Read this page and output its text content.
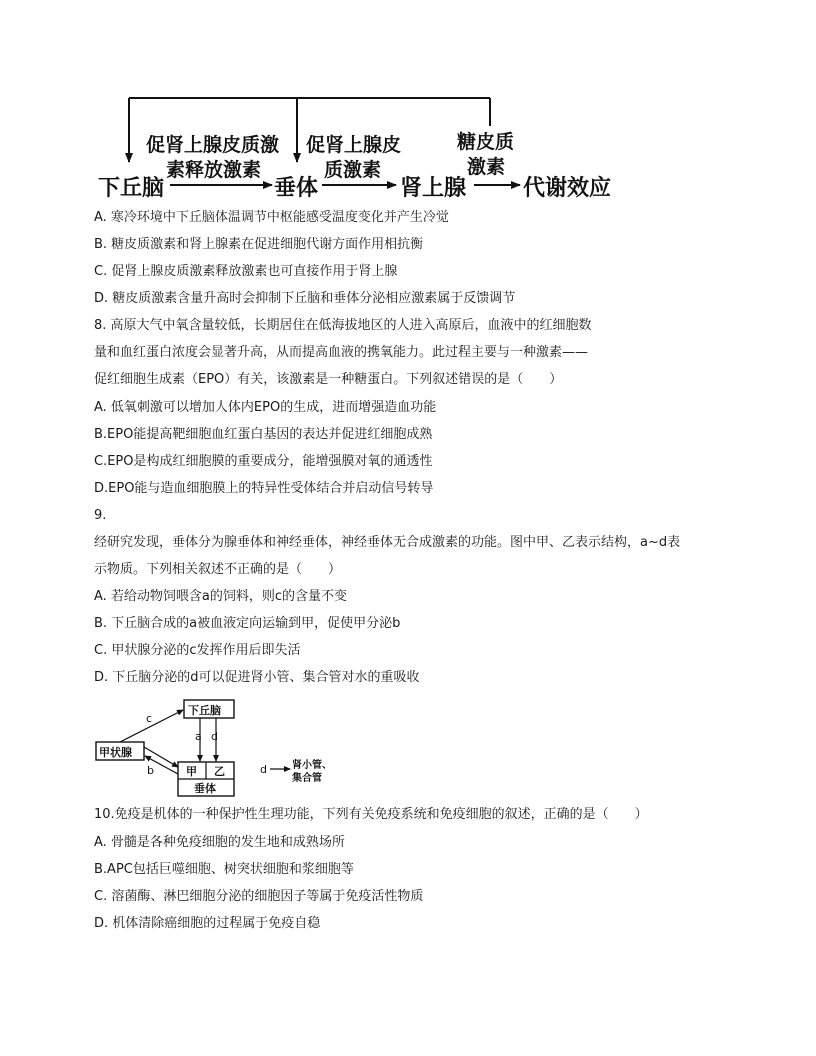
下丘脑	垂体	肾上腺	代谢效应
促肾上腺皮质激
素释放激素
促肾上腺皮
质激素
糖皮质
激素
A. 寒冷环境中下丘脑体温调节中枢能感受温度变化并产生冷觉
B. 糖皮质激素和肾上腺素在促进细胞代谢方面作用相抗衡
C. 促肾上腺皮质激素释放激素也可直接作用于肾上腺
D. 糖皮质激素含量升高时会抑制下丘脑和垂体分泌相应激素属于反馈调节
8. 高原大气中氧含量较低，长期居住在低海拔地区的人进入高原后，血液中的红细胞数
量和血红蛋白浓度会显著升高，从而提高血液的携氧能力。此过程主要与一种激素——
促红细胞生成素（EPO）有关，该激素是一种糖蛋白。下列叙述错误的是（　　）
A. 低氧刺激可以增加人体内EPO的生成，进而增强造血功能
B.EPO能提高靶细胞血红蛋白基因的表达并促进红细胞成熟
C.EPO是构成红细胞膜的重要成分，能增强膜对氧的通透性
D.EPO能与造血细胞膜上的特异性受体结合并启动信号转导
9.
经研究发现，垂体分为腺垂体和神经垂体，神经垂体无合成激素的功能。图中甲、乙表示结构，a~d表
示物质。下列相关叙述不正确的是（　　）
A. 若给动物饲喂含a的饲料，则c的含量不变
B. 下丘脑合成的a被血液定向运输到甲，促使甲分泌b
C. 甲状腺分泌的c发挥作用后即失活
D. 下丘脑分泌的d可以促进肾小管、集合管对水的重吸收
下丘脑
甲状腺
甲 乙
垂体
a d
c
b	d	肾小管、
集合管
10.免疫是机体的一种保护性生理功能，下列有关免疫系统和免疫细胞的叙述，正确的是（　　）
A. 骨髓是各种免疫细胞的发生地和成熟场所
B.APC包括巨噬细胞、树突状细胞和浆细胞等
C. 溶菌酶、淋巴细胞分泌的细胞因子等属于免疫活性物质
D. 机体清除癌细胞的过程属于免疫自稳
